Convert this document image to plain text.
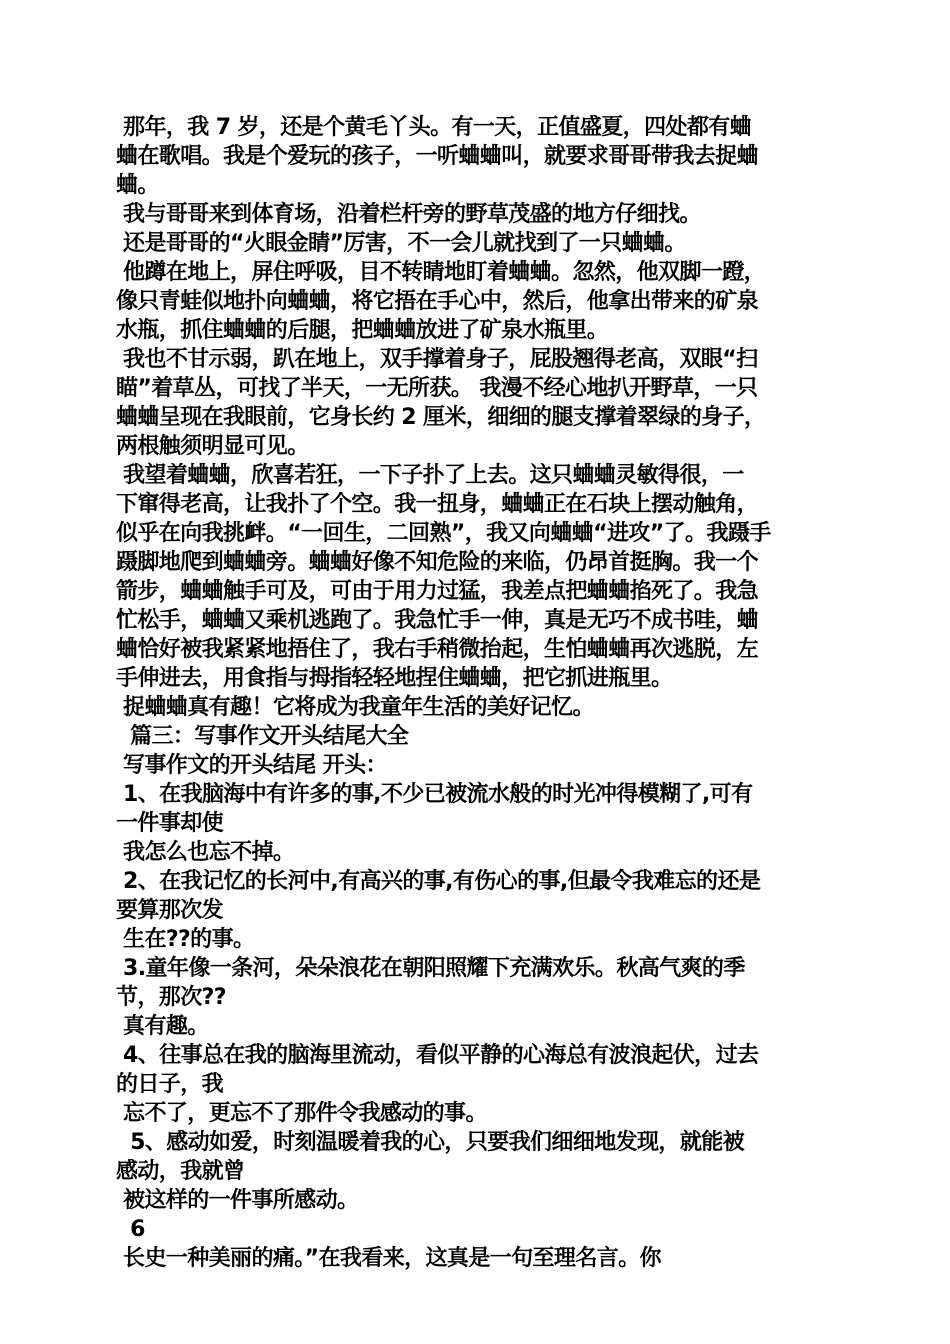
那年，我 7 岁，还是个黄毛丫头。有一天，正值盛夏，四处都有蛐
蛐在歌唱。我是个爱玩的孩子，一听蛐蛐叫，就要求哥哥带我去捉蛐
蛐。
我与哥哥来到体育场，沿着栏杆旁的野草茂盛的地方仔细找。
还是哥哥的“火眼金睛”厉害，不一会儿就找到了一只蛐蛐。
他蹲在地上，屏住呼吸，目不转睛地盯着蛐蛐。忽然，他双脚一蹬，
像只青蛙似地扑向蛐蛐，将它捂在手心中，然后，他拿出带来的矿泉
水瓶，抓住蛐蛐的后腿，把蛐蛐放进了矿泉水瓶里。
我也不甘示弱，趴在地上，双手撑着身子，屁股翘得老高，双眼“扫
瞄”着草丛，可找了半天，一无所获。 我漫不经心地扒开野草，一只
蛐蛐呈现在我眼前，它身长约 2 厘米，细细的腿支撑着翠绿的身子，
两根触须明显可见。
我望着蛐蛐，欣喜若狂，一下子扑了上去。这只蛐蛐灵敏得很，一
下窜得老高，让我扑了个空。我一扭身，蛐蛐正在石块上摆动触角，
似乎在向我挑衅。“一回生，二回熟”，我又向蛐蛐“进攻”了。我蹑手
蹑脚地爬到蛐蛐旁。蛐蛐好像不知危险的来临，仍昂首挺胸。我一个
箭步，蛐蛐触手可及，可由于用力过猛，我差点把蛐蛐掐死了。我急
忙松手，蛐蛐又乘机逃跑了。我急忙手一伸，真是无巧不成书哇，蛐
蛐恰好被我紧紧地捂住了，我右手稍微抬起，生怕蛐蛐再次逃脱，左
手伸进去，用食指与拇指轻轻地捏住蛐蛐，把它抓进瓶里。
捉蛐蛐真有趣！它将成为我童年生活的美好记忆。
篇三：写事作文开头结尾大全
写事作文的开头结尾 开头：
1、在我脑海中有许多的事,不少已被流水般的时光冲得模糊了,可有
一件事却使
我怎么也忘不掉。
2、在我记忆的长河中,有高兴的事,有伤心的事,但最令我难忘的还是
要算那次发
生在??的事。
3.童年像一条河，朵朵浪花在朝阳照耀下充满欢乐。秋高气爽的季
节，那次??
真有趣。
4、往事总在我的脑海里流动，看似平静的心海总有波浪起伏，过去
的日子，我
忘不了，更忘不了那件令我感动的事。
5、感动如爱，时刻温暖着我的心，只要我们细细地发现，就能被
感动，我就曾
被这样的一件事所感动。
6
长史一种美丽的痛。”在我看来，这真是一句至理名言。你
